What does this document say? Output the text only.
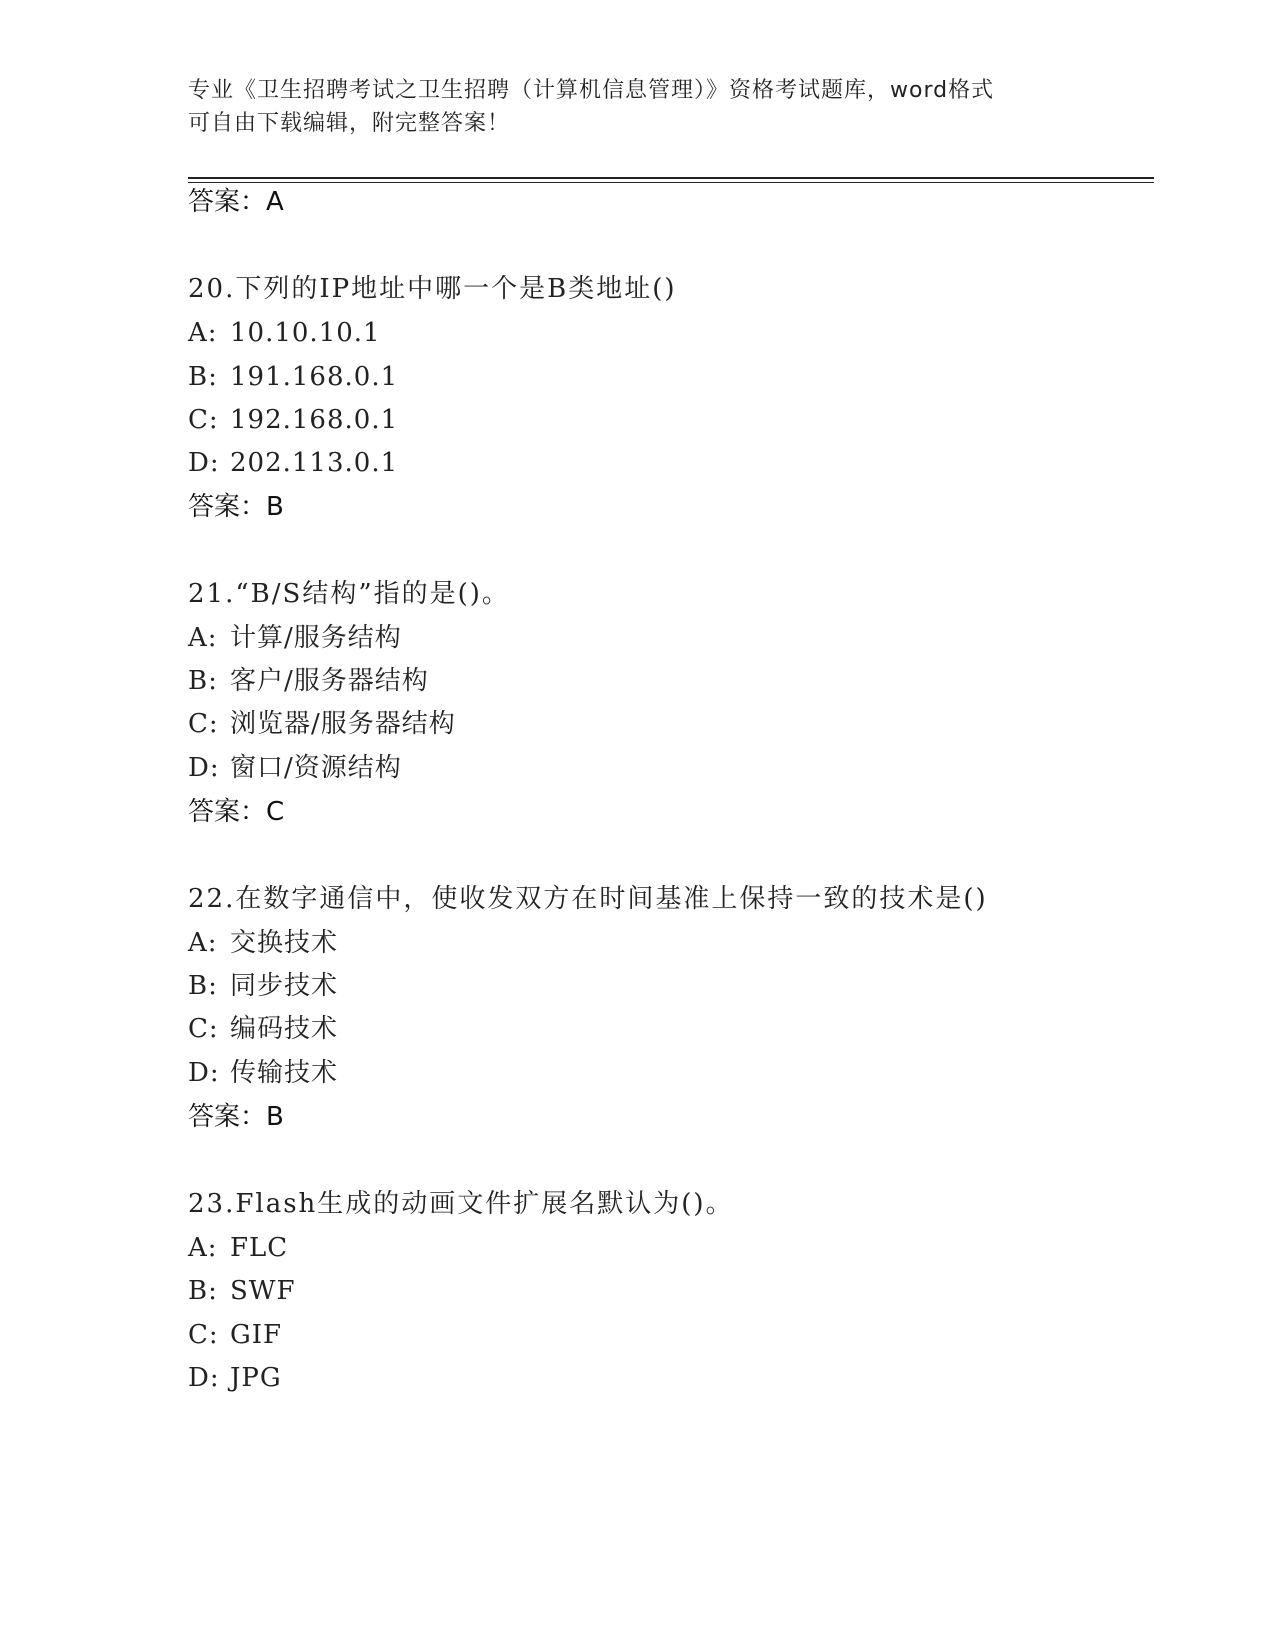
专业《卫生招聘考试之卫生招聘（计算机信息管理）》资格考试题库，word格式
可自由下载编辑，附完整答案！
答案：A
20.下列的IP地址中哪一个是B类地址()
A: 10.10.10.1
B: 191.168.0.1
C: 192.168.0.1
D: 202.113.0.1
答案：B
21.“B/S结构”指的是()。
A: 计算/服务结构
B: 客户/服务器结构
C: 浏览器/服务器结构
D: 窗口/资源结构
答案：C
22.在数字通信中，使收发双方在时间基准上保持一致的技术是()
A: 交换技术
B: 同步技术
C: 编码技术
D: 传输技术
答案：B
23.Flash生成的动画文件扩展名默认为()。
A: FLC
B: SWF
C: GIF
D: JPG
